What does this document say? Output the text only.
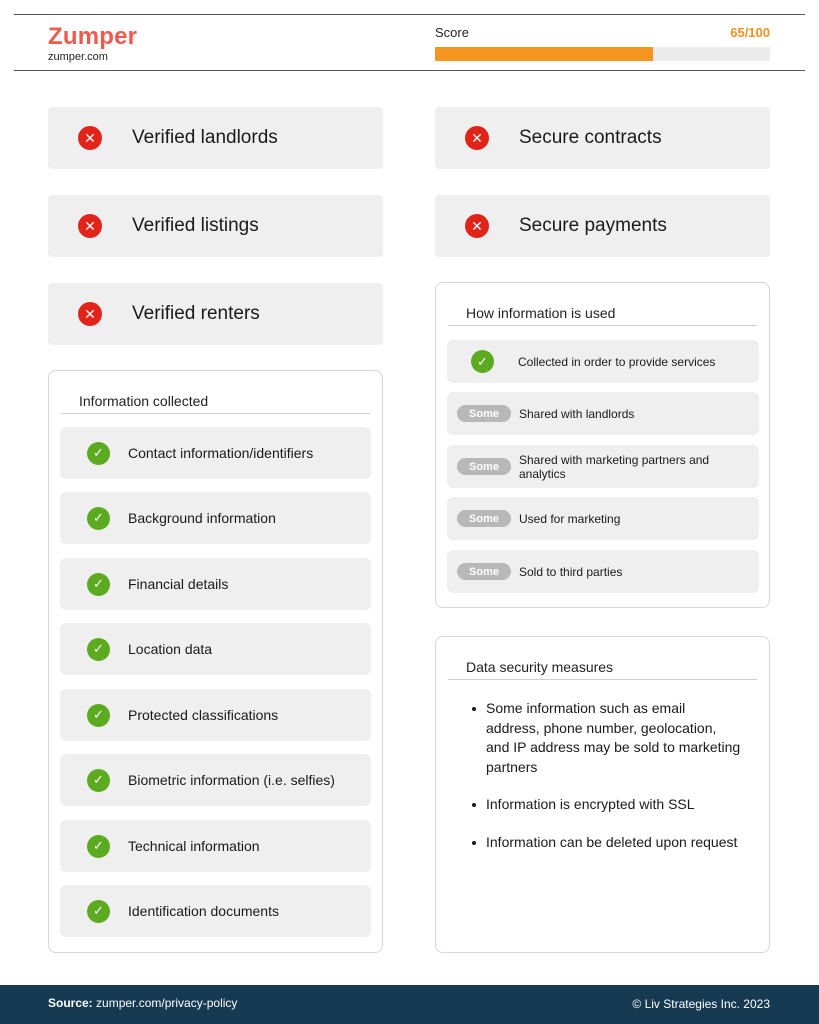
Zumper
zumper.com
Score	65/100
✕	Verified landlords	✕	Secure contracts
✕	Verified listings	✕	Secure payments
✕	Verified renters
Information collected
✓	Contact information/identifiers
✓	Background information
✓	Financial details
✓	Location data
✓	Protected classifications
✓	Biometric information (i.e. selfies)
✓	Technical information
✓	Identification documents
How information is used
✓	Collected in order to provide services
Some	Shared with landlords
Some	Shared with marketing partners and analytics
Some	Used for marketing
Some	Sold to third parties
Data security measures
Some information such as email address, phone number, geolocation, and IP address may be sold to marketing partners
Information is encrypted with SSL
Information can be deleted upon request
Source: zumper.com/privacy-policy	© Liv Strategies Inc. 2023
